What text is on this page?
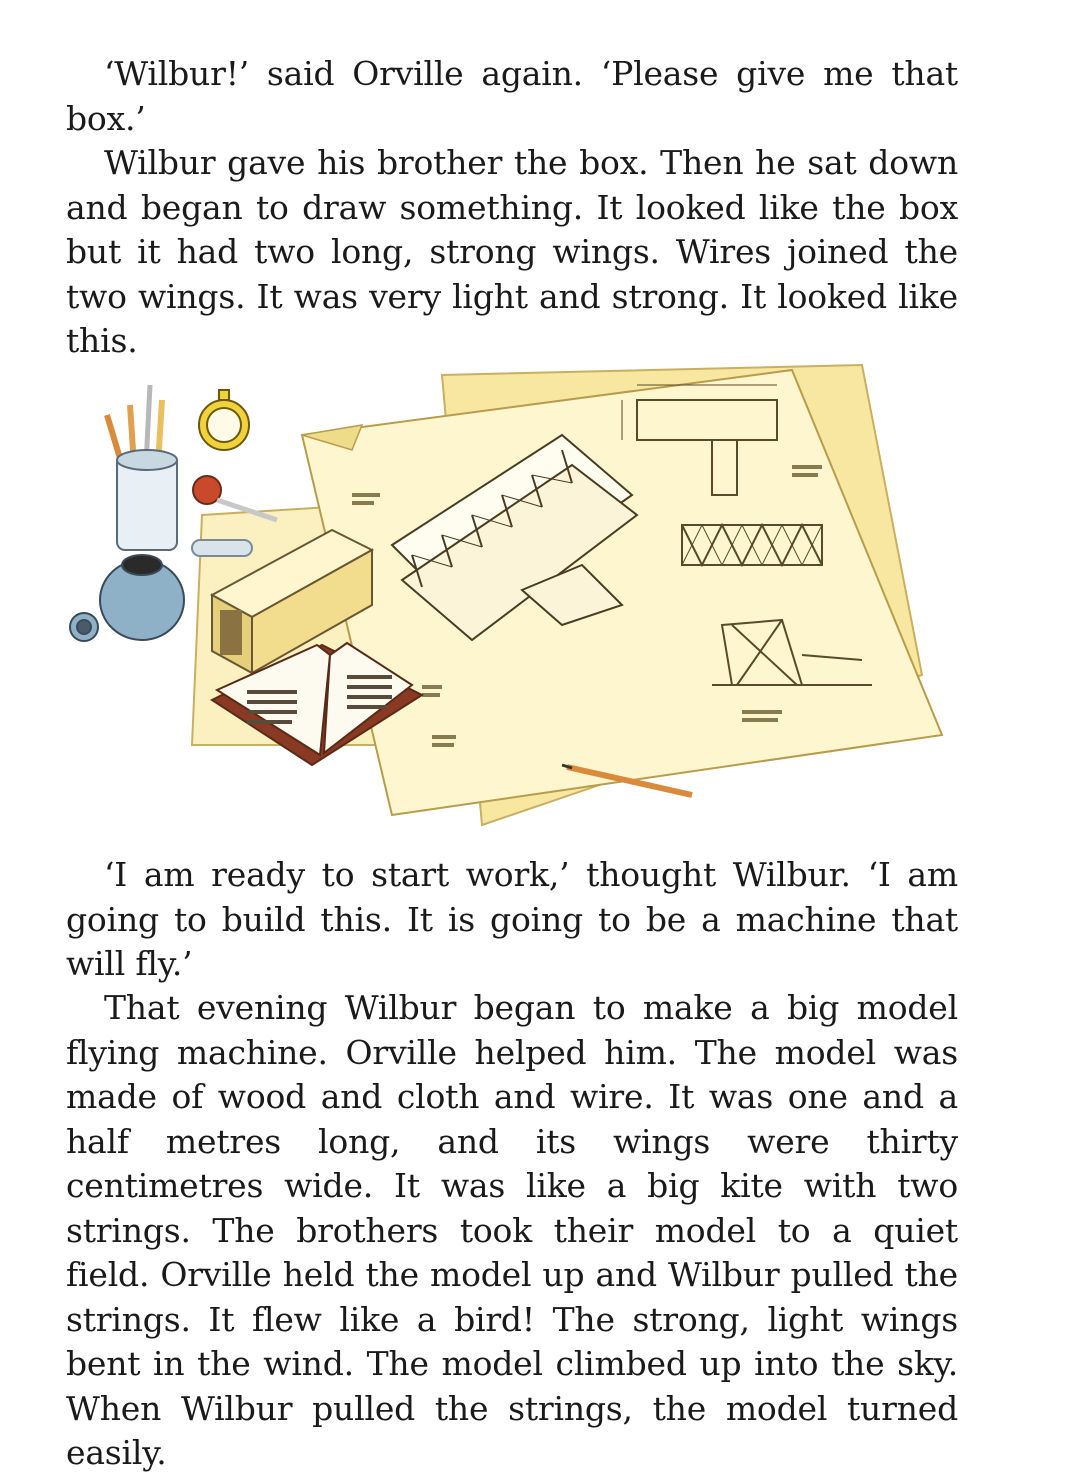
‘Wilbur!’ said Orville again. ‘Please give me that box.’

Wilbur gave his brother the box. Then he sat down and began to draw something. It looked like the box but it had two long, strong wings. Wires joined the two wings. It was very light and strong. It looked like this.

‘I am ready to start work,’ thought Wilbur. ‘I am going to build this. It is going to be a machine that will fly.’

That evening Wilbur began to make a big model flying machine. Orville helped him. The model was made of wood and cloth and wire. It was one and a half metres long, and its wings were thirty centimetres wide. It was like a big kite with two strings. The brothers took their model to a quiet field. Orville held the model up and Wilbur pulled the strings. It flew like a bird! The strong, light wings bent in the wind. The model climbed up into the sky. When Wilbur pulled the strings, the model turned easily.
